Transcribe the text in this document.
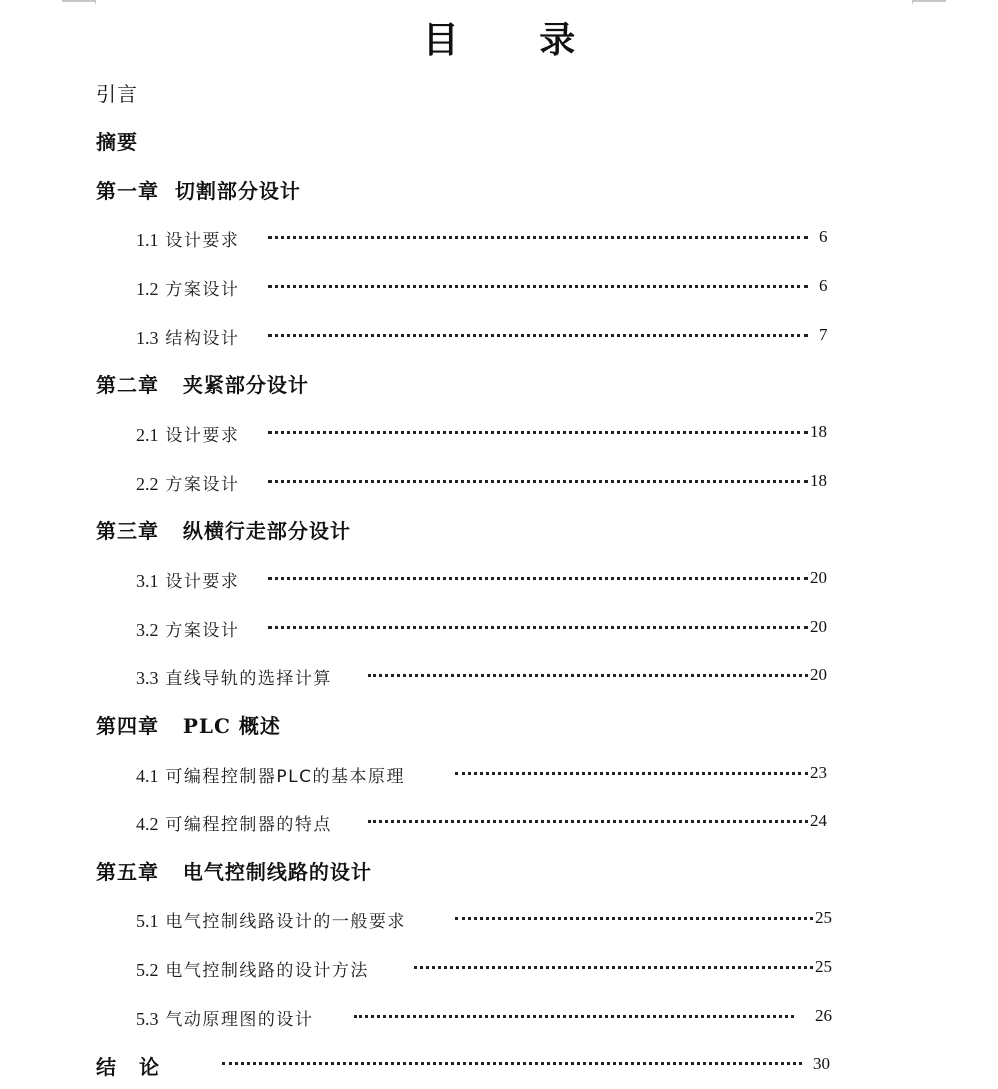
目 录
引言
摘要
第一章  切割部分设计
1.1 设计要求	6
1.2 方案设计	6
1.3 结构设计	7
第二章   夹紧部分设计
2.1 设计要求	18
2.2 方案设计	18
第三章   纵横行走部分设计
3.1 设计要求	20
3.2 方案设计	20
3.3 直线导轨的选择计算	20
第四章   PLC 概述
4.1 可编程控制器PLC的基本原理	23
4.2 可编程控制器的特点	24
第五章   电气控制线路的设计
5.1 电气控制线路设计的一般要求	25
5.2 电气控制线路的设计方法	25
5.3 气动原理图的设计	26
结 论	30
